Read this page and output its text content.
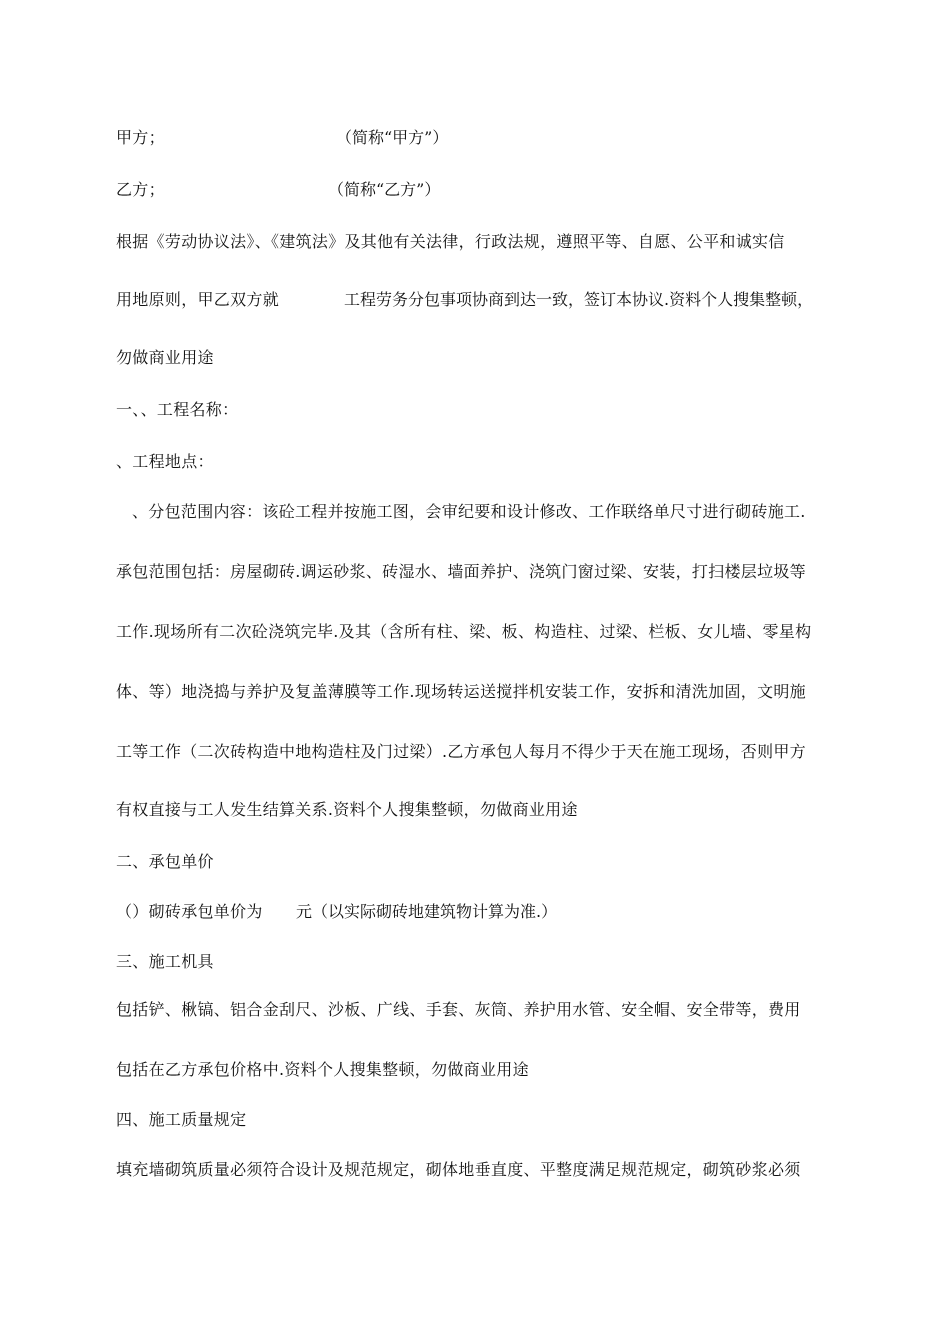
甲方；	（简称“甲方”）

乙方；	（简称“乙方”）

根据《劳动协议法》、《建筑法》及其他有关法律，行政法规，遵照平等、自愿、公平和诚实信

用地原则，甲乙双方就	工程劳务分包事项协商到达一致，签订本协议.资料个人搜集整顿，

勿做商业用途

一、、工程名称：

、工程地点：

、分包范围内容：该砼工程并按施工图，会审纪要和设计修改、工作联络单尺寸进行砌砖施工.

承包范围包括：房屋砌砖.调运砂浆、砖湿水、墙面养护、浇筑门窗过梁、安装，打扫楼层垃圾等

工作.现场所有二次砼浇筑完毕.及其（含所有柱、梁、板、构造柱、过梁、栏板、女儿墙、零星构

体、等）地浇捣与养护及复盖薄膜等工作.现场转运送搅拌机安装工作，安拆和清洗加固，文明施

工等工作（二次砖构造中地构造柱及门过梁）.乙方承包人每月不得少于天在施工现场，否则甲方

有权直接与工人发生结算关系.资料个人搜集整顿，勿做商业用途

二、承包单价

（）砌砖承包单价为 元（以实际砌砖地建筑物计算为准.）

三、施工机具

包括铲、楸镐、铝合金刮尺、沙板、广线、手套、灰筒、养护用水管、安全帽、安全带等，费用

包括在乙方承包价格中.资料个人搜集整顿，勿做商业用途

四、施工质量规定

填充墙砌筑质量必须符合设计及规范规定，砌体地垂直度、平整度满足规范规定，砌筑砂浆必须
